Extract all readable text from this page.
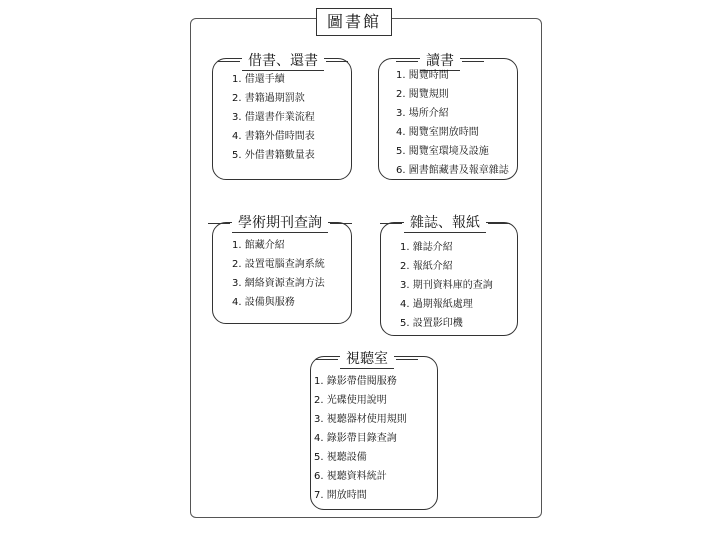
圖書館
借書、還書
1. 借還手續
2. 書籍過期罰款
3. 借還書作業流程
4. 書籍外借時間表
5. 外借書籍數量表
讀書
1. 閱覽時間
2. 閱覽規則
3. 場所介紹
4. 閱覽室開放時間
5. 閱覽室環境及設施
6. 圖書館藏書及報章雜誌
學術期刊查詢
1. 館藏介紹
2. 設置電腦查詢系統
3. 網絡資源查詢方法
4. 設備與服務
雜誌、報紙
1. 雜誌介紹
2. 報紙介紹
3. 期刊資料庫的查詢
4. 過期報紙處理
5. 設置影印機
視聽室
1. 錄影帶借閱服務
2. 光碟使用說明
3. 視聽器材使用規則
4. 錄影帶目錄查詢
5. 視聽設備
6. 視聽資料統計
7. 開放時間
